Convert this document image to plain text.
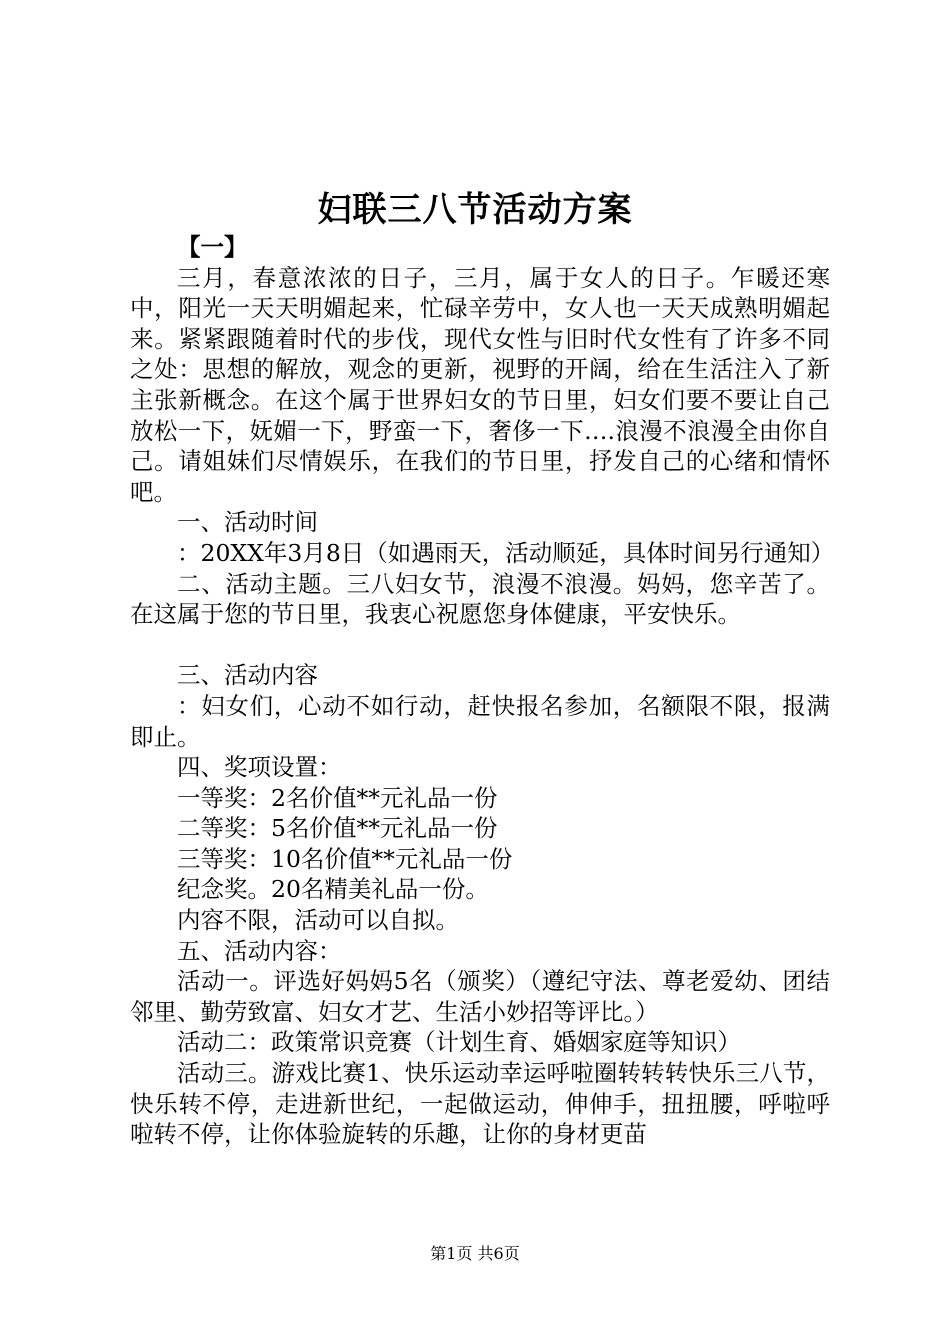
妇联三八节活动方案

【一】

三月，春意浓浓的日子，三月，属于女人的日子。乍暖还寒中，阳光一天天明媚起来，忙碌辛劳中，女人也一天天成熟明媚起来。紧紧跟随着时代的步伐，现代女性与旧时代女性有了许多不同之处：思想的解放，观念的更新，视野的开阔，给在生活注入了新主张新概念。在这个属于世界妇女的节日里，妇女们要不要让自己放松一下，妩媚一下，野蛮一下，奢侈一下….浪漫不浪漫全由你自己。请姐妹们尽情娱乐，在我们的节日里，抒发自己的心绪和情怀吧。

一、活动时间

：20XX年3月8日（如遇雨天，活动顺延，具体时间另行通知）

二、活动主题。三八妇女节，浪漫不浪漫。妈妈，您辛苦了。在这属于您的节日里，我衷心祝愿您身体健康，平安快乐。

三、活动内容

：妇女们，心动不如行动，赶快报名参加，名额限不限，报满即止。

四、奖项设置：

一等奖：2名价值**元礼品一份

二等奖：5名价值**元礼品一份

三等奖：10名价值**元礼品一份

纪念奖。20名精美礼品一份。

内容不限，活动可以自拟。

五、活动内容：

活动一。评选好妈妈5名（颁奖）（遵纪守法、尊老爱幼、团结邻里、勤劳致富、妇女才艺、生活小妙招等评比。）

活动二：政策常识竞赛（计划生育、婚姻家庭等知识）

活动三。游戏比赛1、快乐运动幸运呼啦圈转转转快乐三八节，快乐转不停，走进新世纪，一起做运动，伸伸手，扭扭腰，呼啦呼啦转不停，让你体验旋转的乐趣，让你的身材更苗

第1页 共6页
